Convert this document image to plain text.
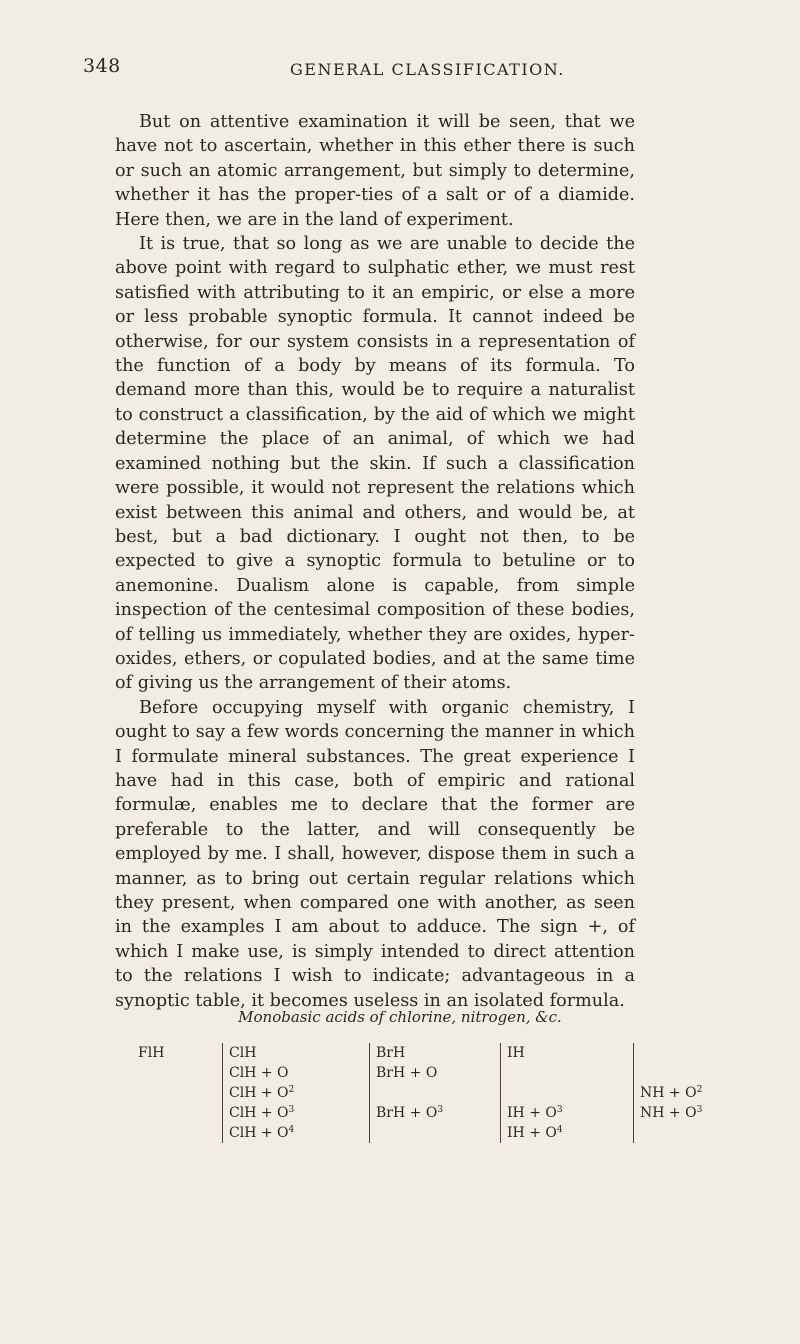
348	GENERAL CLASSIFICATION.

But on attentive examination it will be seen, that we have not to ascertain, whether in this ether there is such or such an atomic arrangement, but simply to determine, whether it has the proper-ties of a salt or of a diamide. Here then, we are in the land of experiment.

It is true, that so long as we are unable to decide the above point with regard to sulphatic ether, we must rest satisfied with attributing to it an empiric, or else a more or less probable synoptic formula. It cannot indeed be otherwise, for our system consists in a representation of the function of a body by means of its formula. To demand more than this, would be to require a naturalist to construct a classification, by the aid of which we might determine the place of an animal, of which we had examined nothing but the skin. If such a classification were possible, it would not represent the relations which exist between this animal and others, and would be, at best, but a bad dictionary. I ought not then, to be expected to give a synoptic formula to betuline or to anemonine. Dualism alone is capable, from simple inspection of the centesimal composition of these bodies, of telling us immediately, whether they are oxides, hyper-oxides, ethers, or copulated bodies, and at the same time of giving us the arrangement of their atoms.

Before occupying myself with organic chemistry, I ought to say a few words concerning the manner in which I formulate mineral substances. The great experience I have had in this case, both of empiric and rational formulæ, enables me to declare that the former are preferable to the latter, and will consequently be employed by me. I shall, however, dispose them in such a manner, as to bring out certain regular relations which they present, when compared one with another, as seen in the examples I am about to adduce. The sign +, of which I make use, is simply intended to direct attention to the relations I wish to indicate; advantageous in a synoptic table, it becomes useless in an isolated formula.

Monobasic acids of chlorine, nitrogen, &c.
FlH	ClH
ClH + O
ClH + $O^2$
ClH + $O^3$
ClH + $O^4$
BrH
BrH + O
BrH + $O^3$
IH
IH + $O^3$
IH + $O^4$
NH + $O^2$
NH + $O^3$
